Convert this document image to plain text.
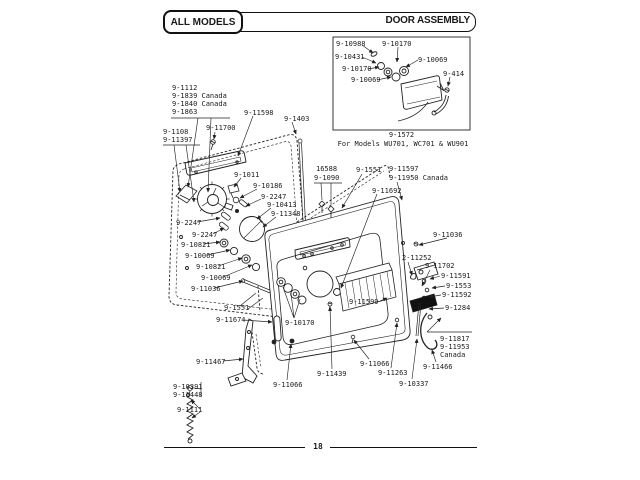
ALL MODELS	DOOR ASSEMBLY
9-1112
9-1839 Canada
9-1840 Canada
9-1863
9-1108
9-11397
9-11700
9-11598
9-1403
9-1011
9-10186
9-2247
9-10413
9-11348
9-2247
9-2247
9-10821
9-10069
9-10821
9-10069
9-11036
9-1551
16588
9-1090
9-1551 9-11597
9-11950 Canada
9-11692
9-10170
9-11599
9-11674
9-11467
9-10391
9-11448
9-1111
9-11066
9-11439
9-11066
9-11263
9-10337
9-11466
9-11036
2-11252
9-11702
9-11591
9-1553
9-11592
9-1284
9-11817
9-11953
Canada
9-10988 9-10170
9-10431	9-10069
9-10170
9-10069
9-414
9-1572
For Models WU701, WC701 & WU901
18
